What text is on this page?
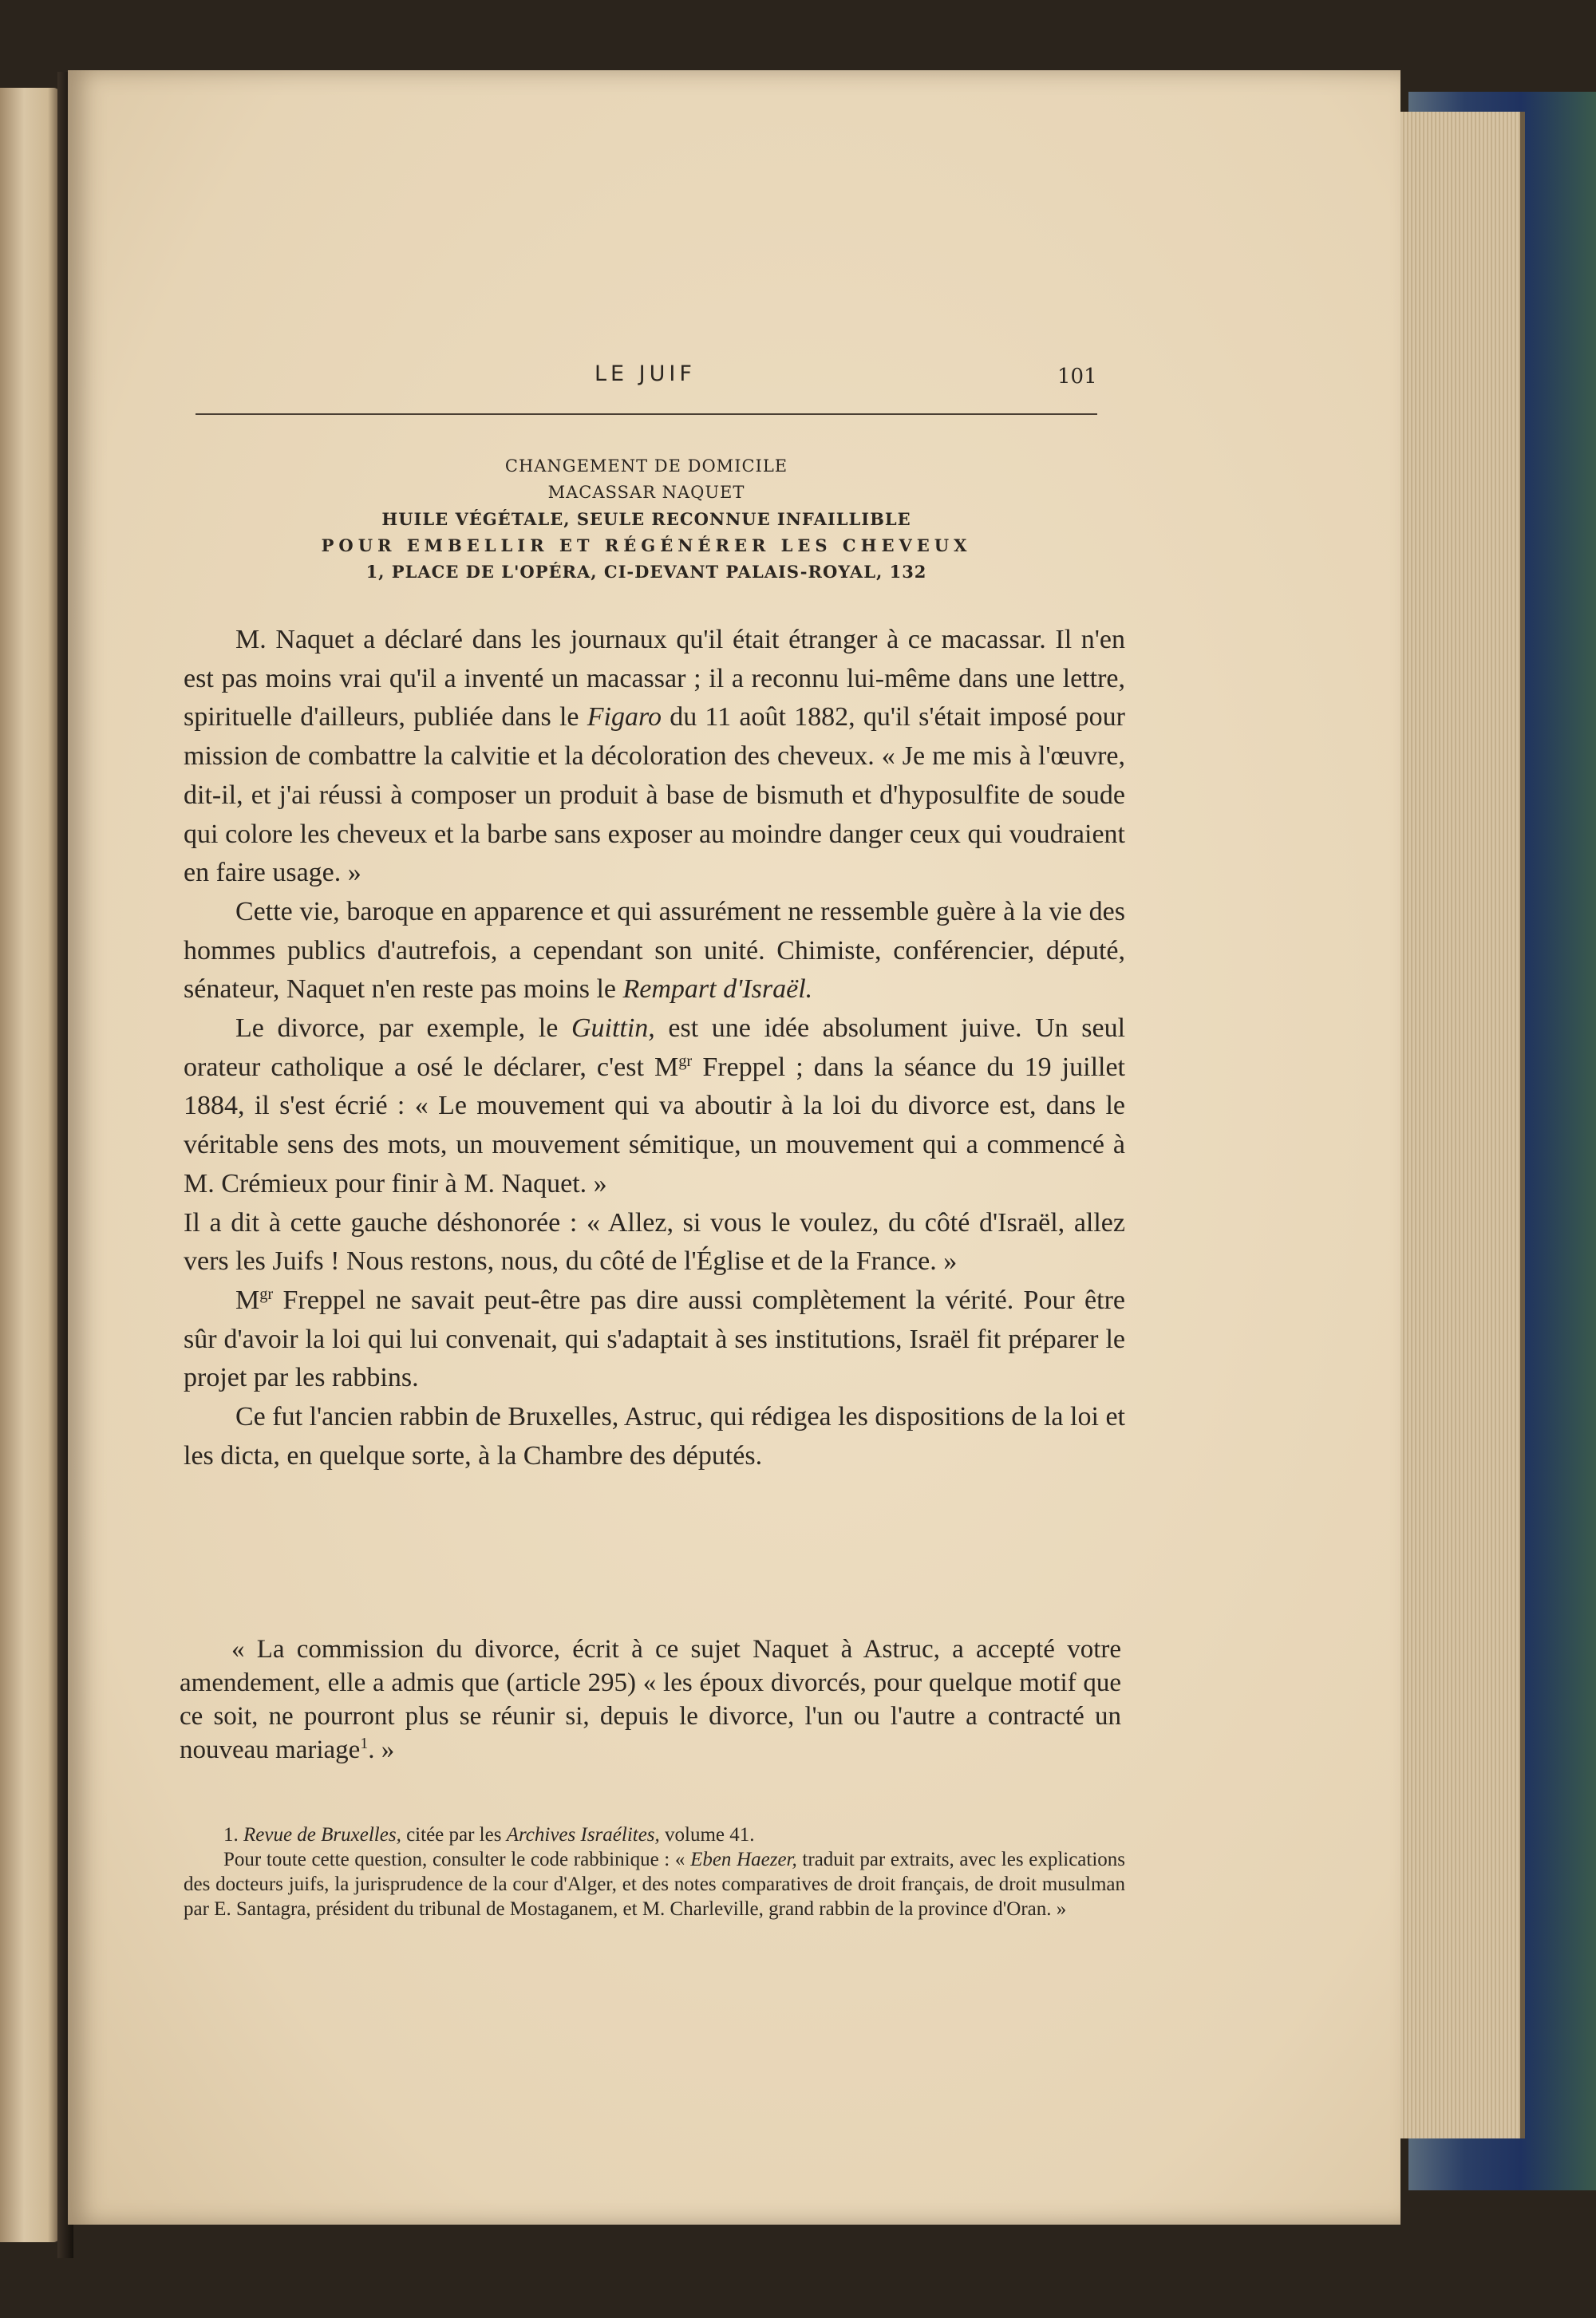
LE JUIF	101
CHANGEMENT DE DOMICILE
MACASSAR NAQUET
HUILE VÉGÉTALE, SEULE RECONNUE INFAILLIBLE
POUR EMBELLIR ET RÉGÉNÉRER LES CHEVEUX
1, PLACE DE L'OPÉRA, CI-DEVANT PALAIS-ROYAL, 132

M. Naquet a déclaré dans les journaux qu'il était étranger à ce macassar. Il n'en est pas moins vrai qu'il a inventé un macassar ; il a reconnu lui-même dans une lettre, spirituelle d'ailleurs, publiée dans le Figaro du 11 août 1882, qu'il s'était imposé pour mission de combattre la calvitie et la décoloration des cheveux. « Je me mis à l'œuvre, dit-il, et j'ai réussi à composer un produit à base de bismuth et d'hyposulfite de soude qui colore les cheveux et la barbe sans exposer au moindre danger ceux qui voudraient en faire usage. »

Cette vie, baroque en apparence et qui assurément ne ressemble guère à la vie des hommes publics d'autrefois, a cependant son unité. Chimiste, conférencier, député, sénateur, Naquet n'en reste pas moins le Rempart d'Israël.

Le divorce, par exemple, le Guittin, est une idée absolument juive. Un seul orateur catholique a osé le déclarer, c'est $M^{gr}$ Freppel ; dans la séance du 19 juillet 1884, il s'est écrié : « Le mouvement qui va aboutir à la loi du divorce est, dans le véritable sens des mots, un mouvement sémitique, un mouvement qui a commencé à M. Crémieux pour finir à M. Naquet. »

Il a dit à cette gauche déshonorée : « Allez, si vous le voulez, du côté d'Israël, allez vers les Juifs ! Nous restons, nous, du côté de l'Église et de la France. »

$M^{gr}$ Freppel ne savait peut-être pas dire aussi complètement la vérité. Pour être sûr d'avoir la loi qui lui convenait, qui s'adaptait à ses institutions, Israël fit préparer le projet par les rabbins.

Ce fut l'ancien rabbin de Bruxelles, Astruc, qui rédigea les dispositions de la loi et les dicta, en quelque sorte, à la Chambre des députés.

« La commission du divorce, écrit à ce sujet Naquet à Astruc, a accepté votre amendement, elle a admis que (article 295) « les époux divorcés, pour quelque motif que ce soit, ne pourront plus se réunir si, depuis le divorce, l'un ou l'autre a contracté un nouveau mariage$^1$. »

1. Revue de Bruxelles, citée par les Archives Israélites, volume 41.

Pour toute cette question, consulter le code rabbinique : « Eben Haezer, traduit par extraits, avec les explications des docteurs juifs, la jurisprudence de la cour d'Alger, et des notes comparatives de droit français, de droit musulman par E. Santagra, président du tribunal de Mostaganem, et M. Charleville, grand rabbin de la province d'Oran. »
